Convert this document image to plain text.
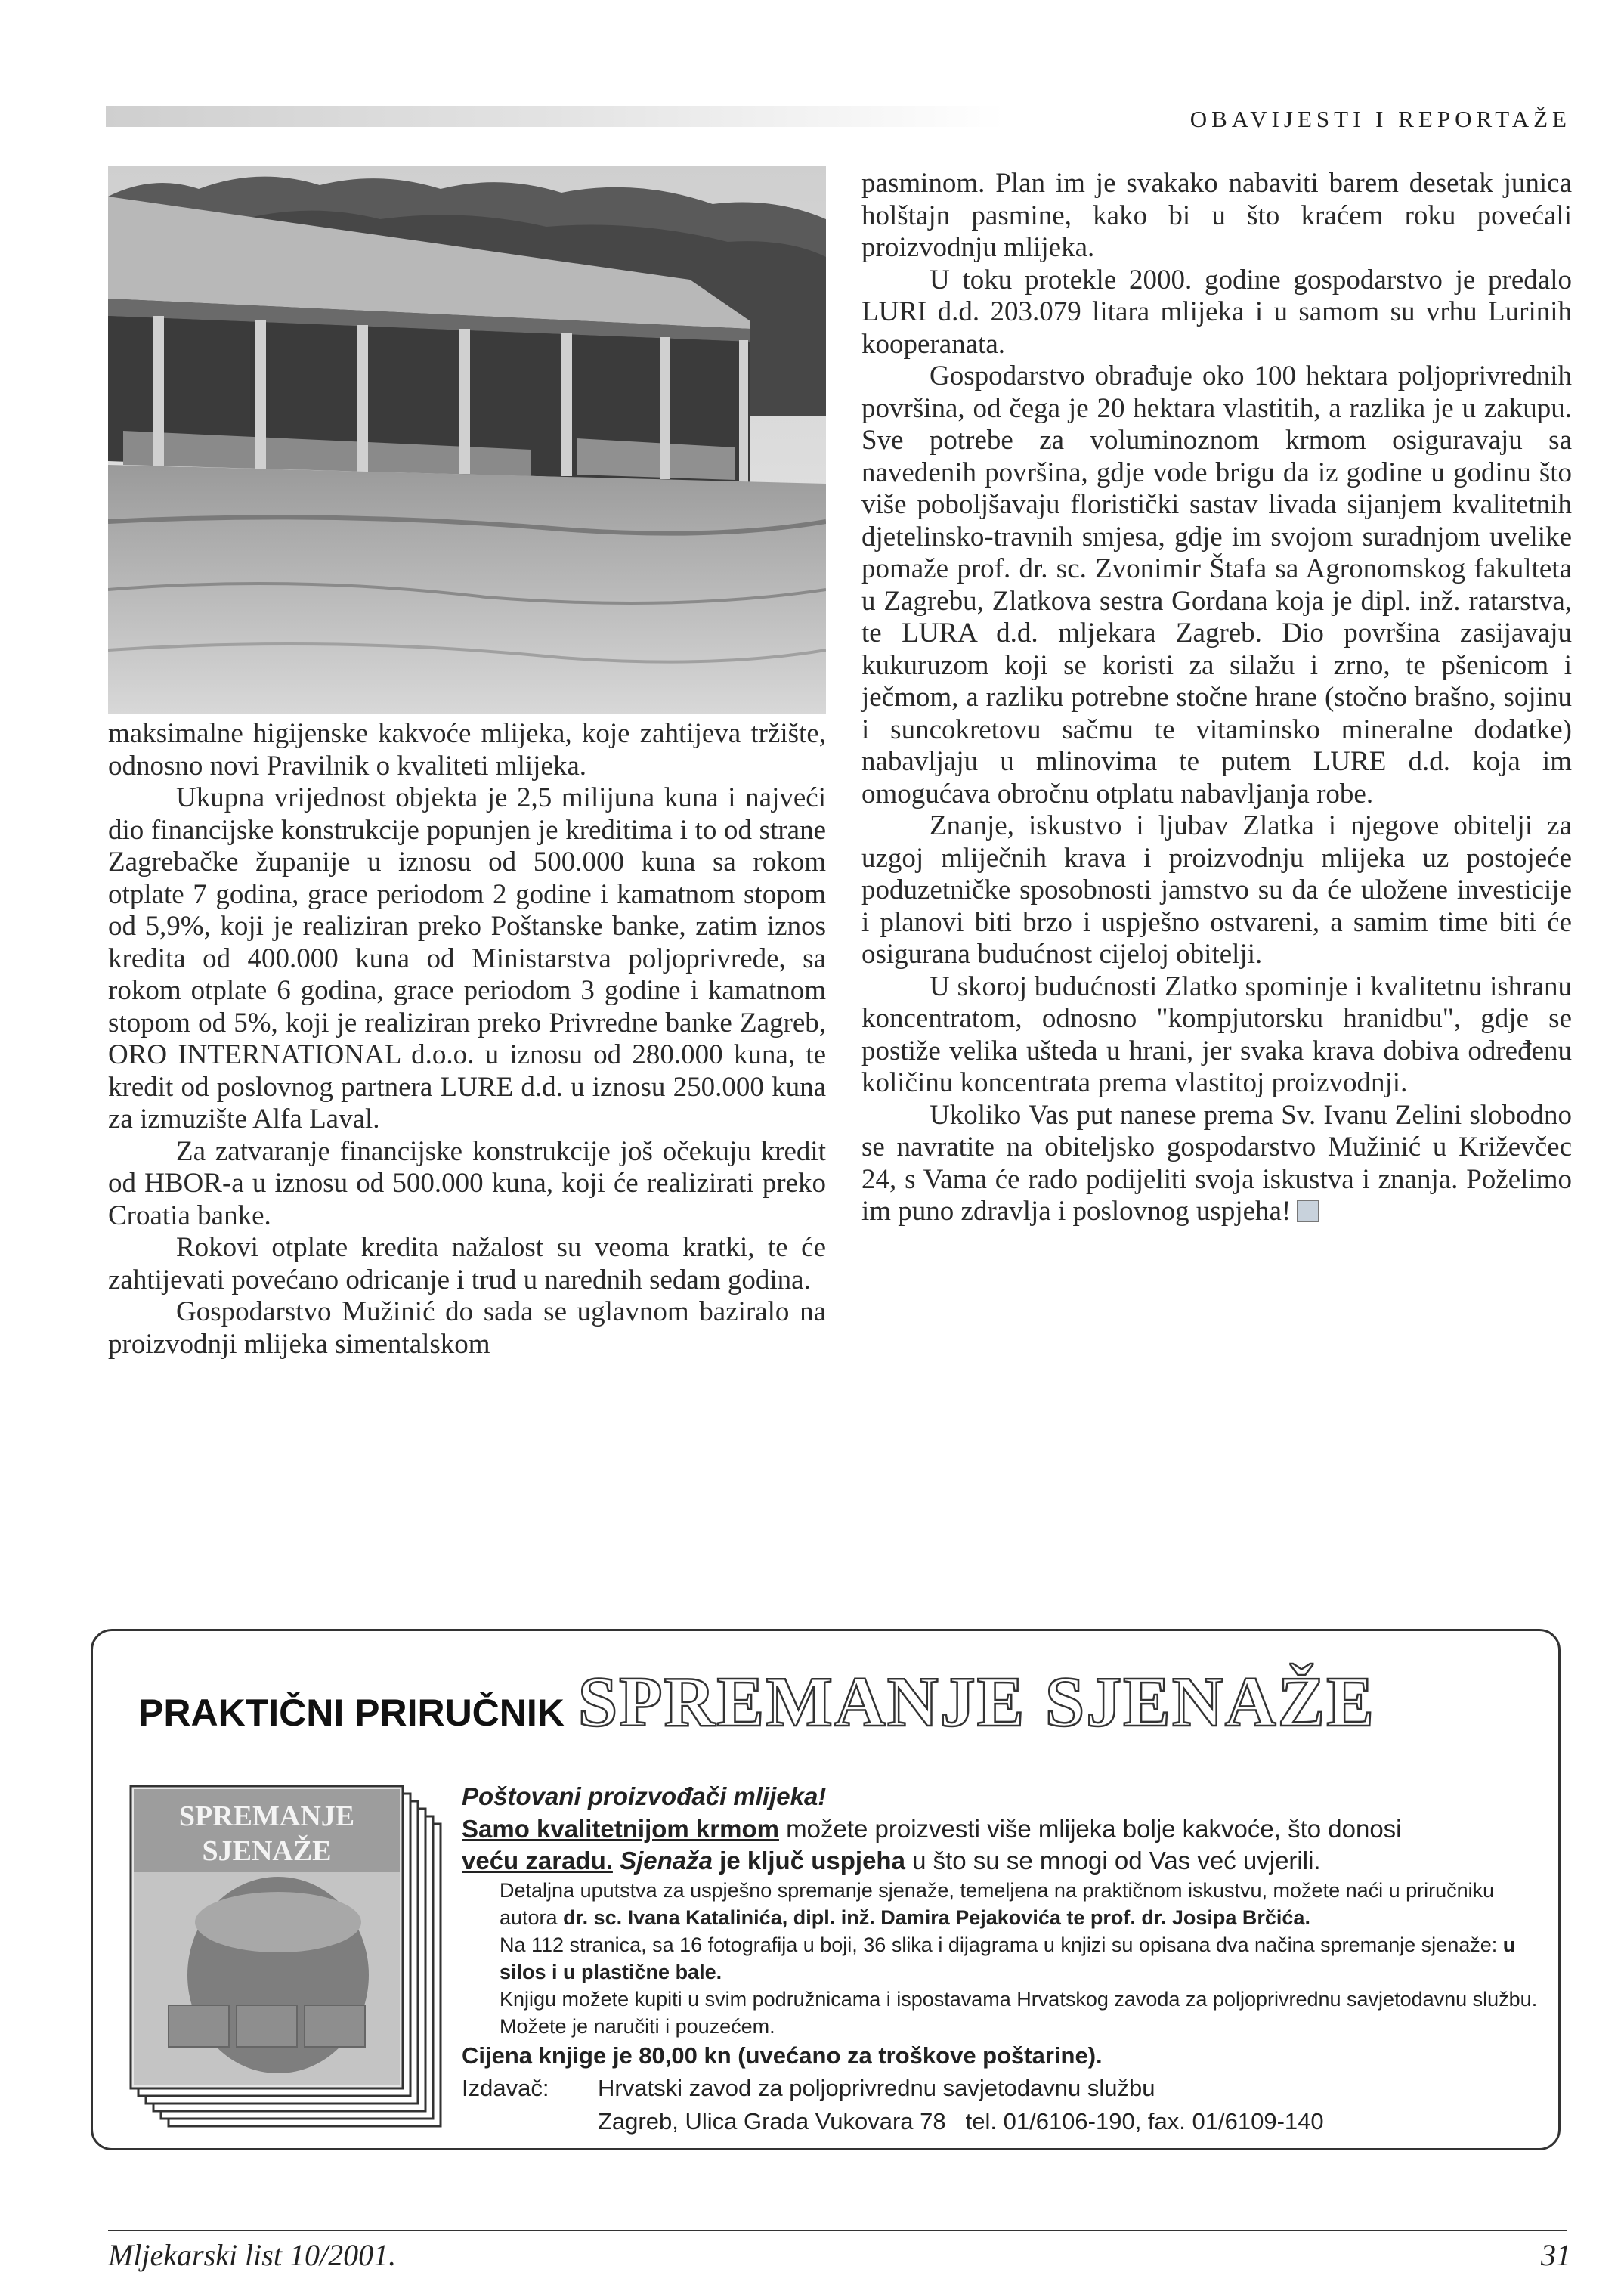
OBAVIJESTI I REPORTAŽE

maksimalne higijenske kakvoće mlijeka, koje zahtijeva tržište, odnosno novi Pravilnik o kvaliteti mlijeka.

Ukupna vrijednost objekta je 2,5 milijuna kuna i najveći dio financijske konstrukcije popunjen je kreditima i to od strane Zagrebačke županije u iznosu od 500.000 kuna sa rokom otplate 7 godina, grace periodom 2 godine i kamatnom stopom od 5,9%, koji je realiziran preko Poštanske banke, zatim iznos kredita od 400.000 kuna od Ministarstva poljoprivrede, sa rokom otplate 6 godina, grace periodom 3 godine i kamatnom stopom od 5%, koji je realiziran preko Privredne banke Zagreb, ORO INTERNATIONAL d.o.o. u iznosu od 280.000 kuna, te kredit od poslovnog partnera LURE d.d. u iznosu 250.000 kuna za izmuzište Alfa Laval.

Za zatvaranje financijske konstrukcije još očekuju kredit od HBOR-a u iznosu od 500.000 kuna, koji će realizirati preko Croatia banke.

Rokovi otplate kredita nažalost su veoma kratki, te će zahtijevati povećano odricanje i trud u narednih sedam godina.

Gospodarstvo Mužinić do sada se uglavnom baziralo na proizvodnji mlijeka simentalskom

pasminom. Plan im je svakako nabaviti barem desetak junica holštajn pasmine, kako bi u što kraćem roku povećali proizvodnju mlijeka.

U toku protekle 2000. godine gospodarstvo je predalo LURI d.d. 203.079 litara mlijeka i u samom su vrhu Lurinih kooperanata.

Gospodarstvo obrađuje oko 100 hektara poljoprivrednih površina, od čega je 20 hektara vlastitih, a razlika je u zakupu. Sve potrebe za voluminoznom krmom osiguravaju sa navedenih površina, gdje vode brigu da iz godine u godinu što više poboljšavaju floristički sastav livada sijanjem kvalitetnih djetelinsko-travnih smjesa, gdje im svojom suradnjom uvelike pomaže prof. dr. sc. Zvonimir Štafa sa Agronomskog fakulteta u Zagrebu, Zlatkova sestra Gordana koja je dipl. inž. ratarstva, te LURA d.d. mljekara Zagreb. Dio površina zasijavaju kukuruzom koji se koristi za silažu i zrno, te pšenicom i ječmom, a razliku potrebne stočne hrane (stočno brašno, sojinu i suncokretovu sačmu te vitaminsko mineralne dodatke) nabavljaju u mlinovima te putem LURE d.d. koja im omogućava obročnu otplatu nabavljanja robe.

Znanje, iskustvo i ljubav Zlatka i njegove obitelji za uzgoj mliječnih krava i proizvodnju mlijeka uz postojeće poduzetničke sposobnosti jamstvo su da će uložene investicije i planovi biti brzo i uspješno ostvareni, a samim time biti će osigurana budućnost cijeloj obitelji.

U skoroj budućnosti Zlatko spominje i kvalitetnu ishranu koncentratom, odnosno "kompjutorsku hranidbu", gdje se postiže velika ušteda u hrani, jer svaka krava dobiva određenu količinu koncentrata prema vlastitoj proizvodnji.

Ukoliko Vas put nanese prema Sv. Ivanu Zelini slobodno se navratite na obiteljsko gospodarstvo Mužinić u Križevčec 24, s Vama će rado podijeliti svoja iskustva i znanja. Poželimo im puno zdravlja i poslovnog uspjeha!

PRAKTIČNI PRIRUČNIK SPREMANJE SJENAŽE
SPREMANJE
SJENAŽE

Poštovani proizvođači mlijeka!

Samo kvalitetnijom krmom možete proizvesti više mlijeka bolje kakvoće, što donosi

veću zaradu. Sjenaža je ključ uspjeha u što su se mnogi od Vas već uvjerili.

Detaljna uputstva za uspješno spremanje sjenaže, temeljena na praktičnom iskustvu, možete naći u priručniku autora dr. sc. Ivana Katalinića, dipl. inž. Damira Pejakovića te prof. dr. Josipa Brčića.

Na 112 stranica, sa 16 fotografija u boji, 36 slika i dijagrama u knjizi su opisana dva načina spremanje sjenaže: u silos i u plastične bale.

Knjigu možete kupiti u svim podružnicama i ispostavama Hrvatskog zavoda za poljoprivrednu savjetodavnu službu. Možete je naručiti i pouzećem.

Cijena knjige je 80,00 kn (uvećano za troškove poštarine).

Izdavač: Hrvatski zavod za poljoprivrednu savjetodavnu službu

Zagreb, Ulica Grada Vukovara 78 tel. 01/6106-190, fax. 01/6109-140

Mljekarski list 10/2001.	31
